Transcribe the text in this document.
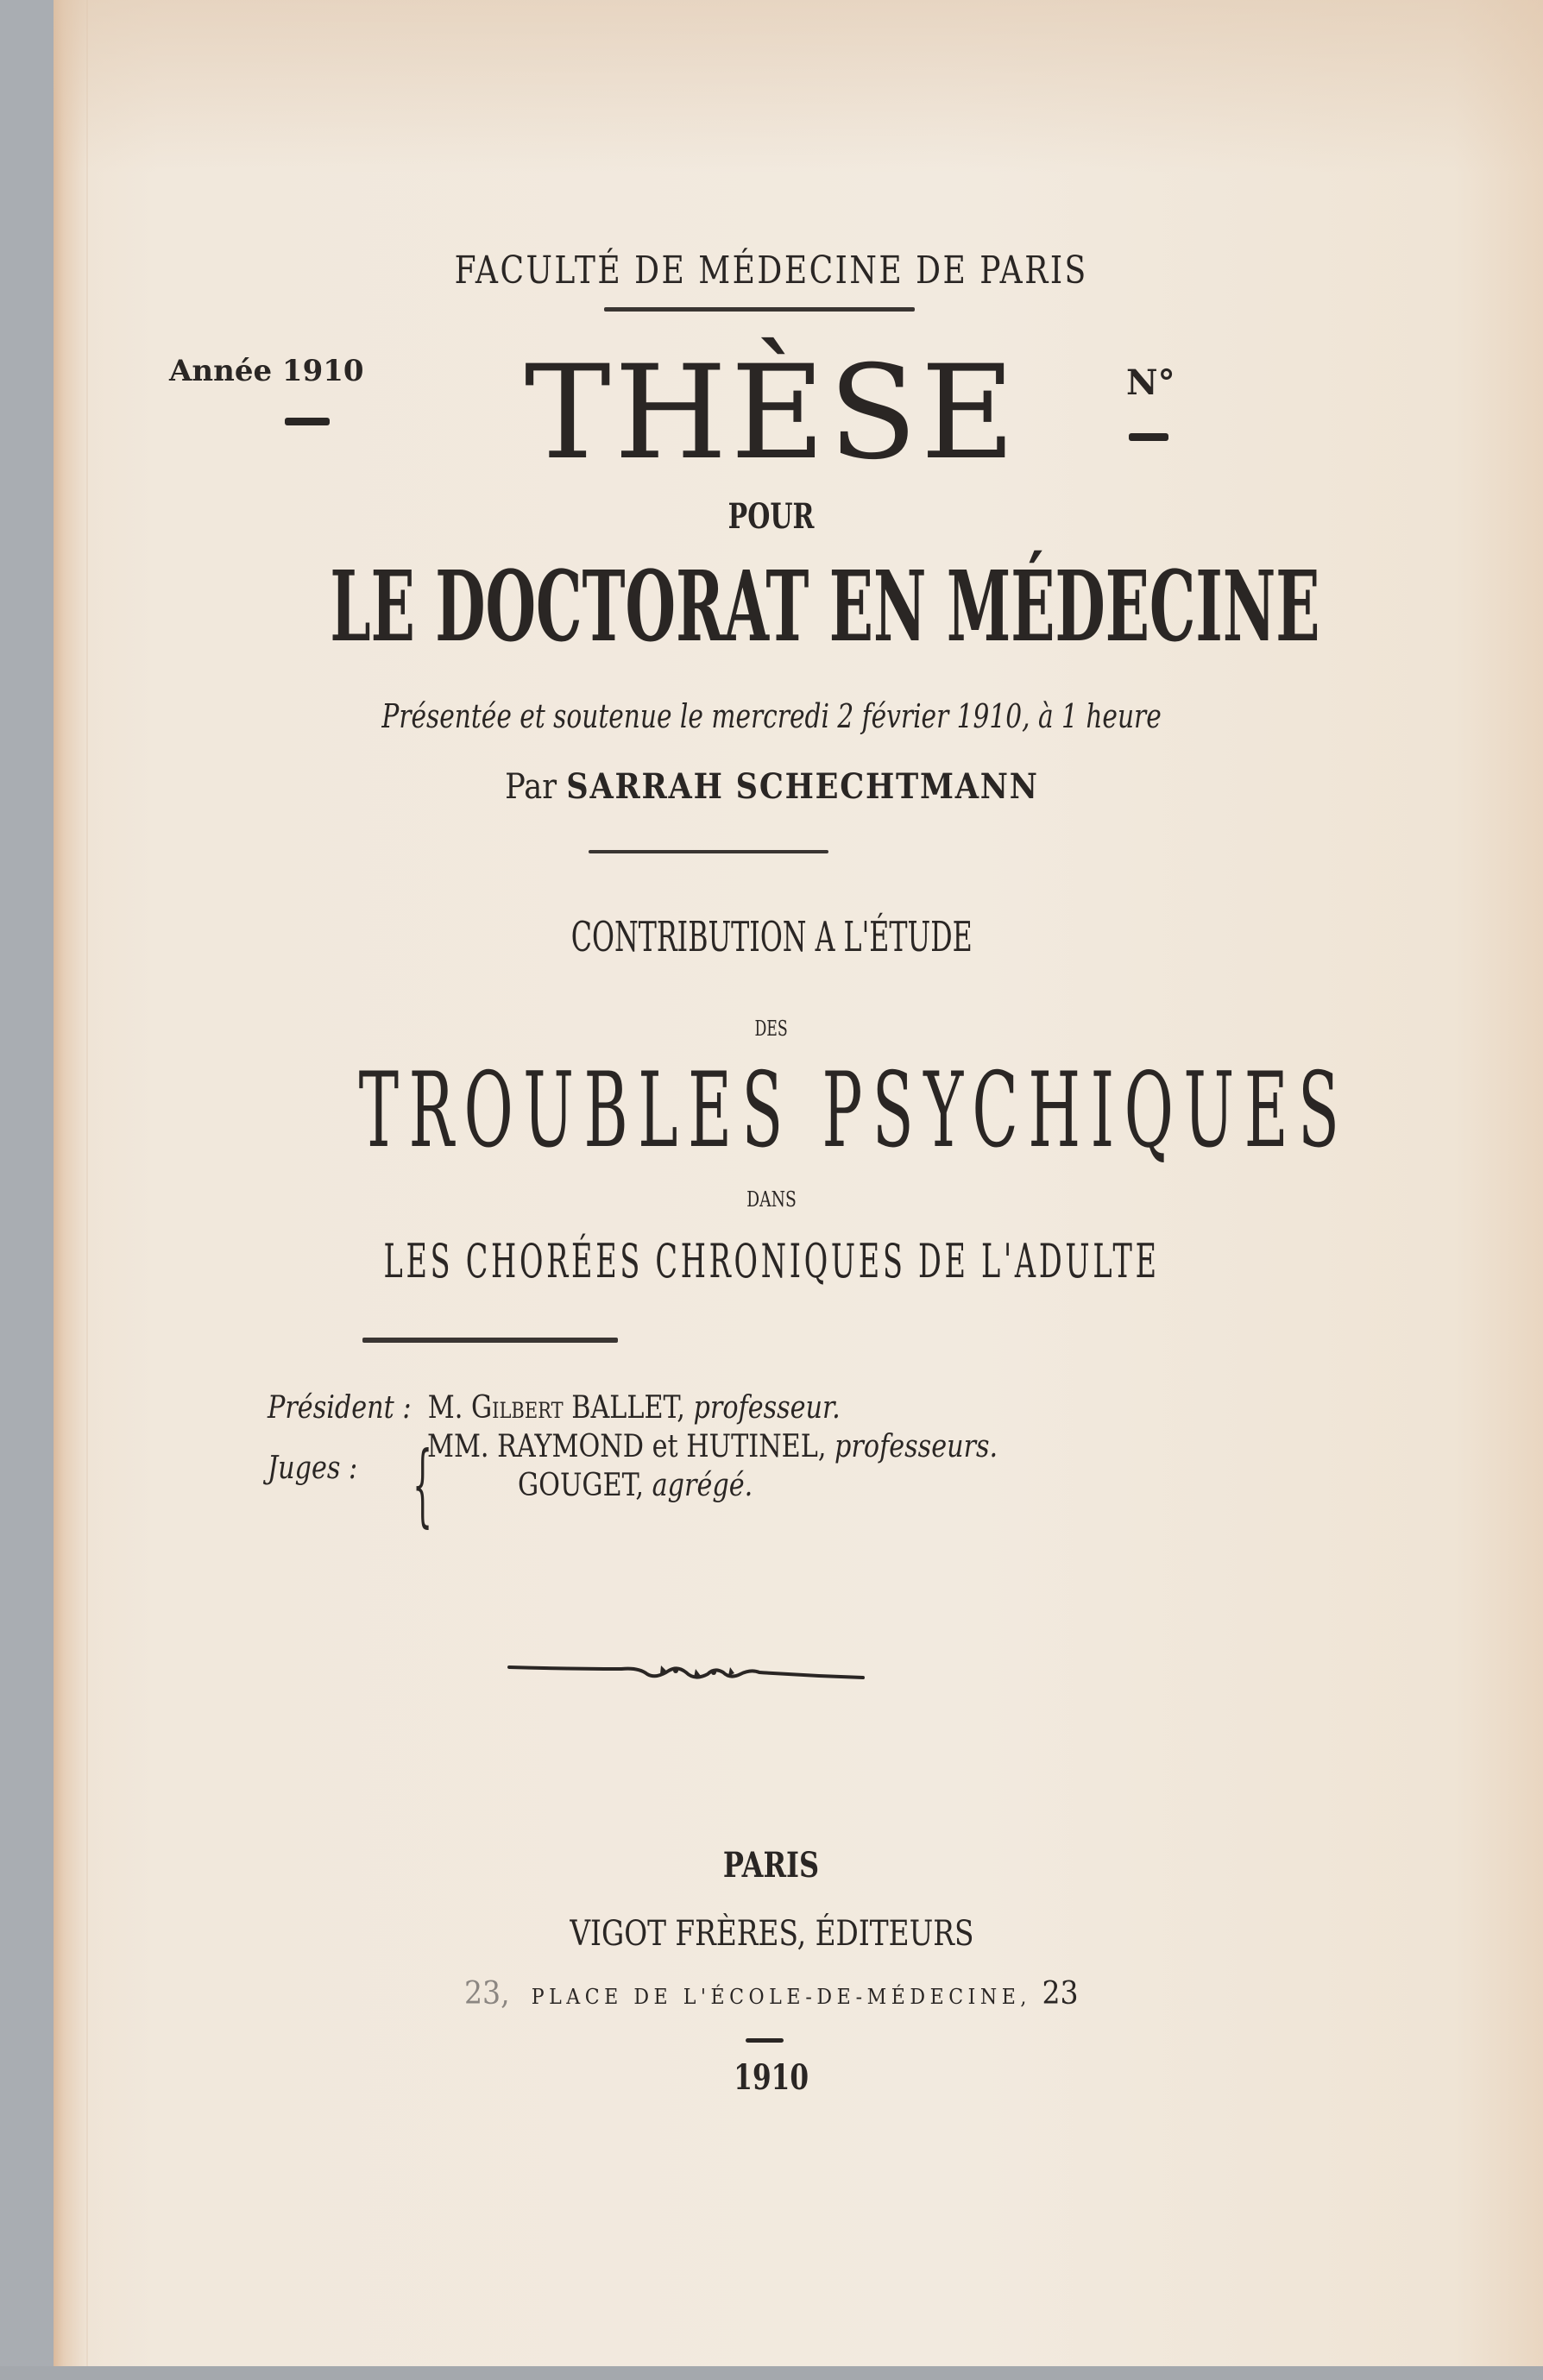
FACULTÉ DE MÉDECINE DE PARIS
Année 1910	THÈSE	N°
POUR
LE DOCTORAT EN MÉDECINE
Présentée et soutenue le mercredi 2 février 1910, à 1 heure
Par SARRAH SCHECHTMANN
CONTRIBUTION A L'ÉTUDE
DES
TROUBLES PSYCHIQUES
DANS
LES CHORÉES CHRONIQUES DE L'ADULTE
Président : M. Gilbert BALLET, professeur.
Juges :
MM. RAYMOND et HUTINEL, professeurs.
GOUGET, agrégé.
{
PARIS
VIGOT FRÈRES, ÉDITEURS
23, PLACE DE L'ÉCOLE-DE-MÉDECINE, 23
1910
